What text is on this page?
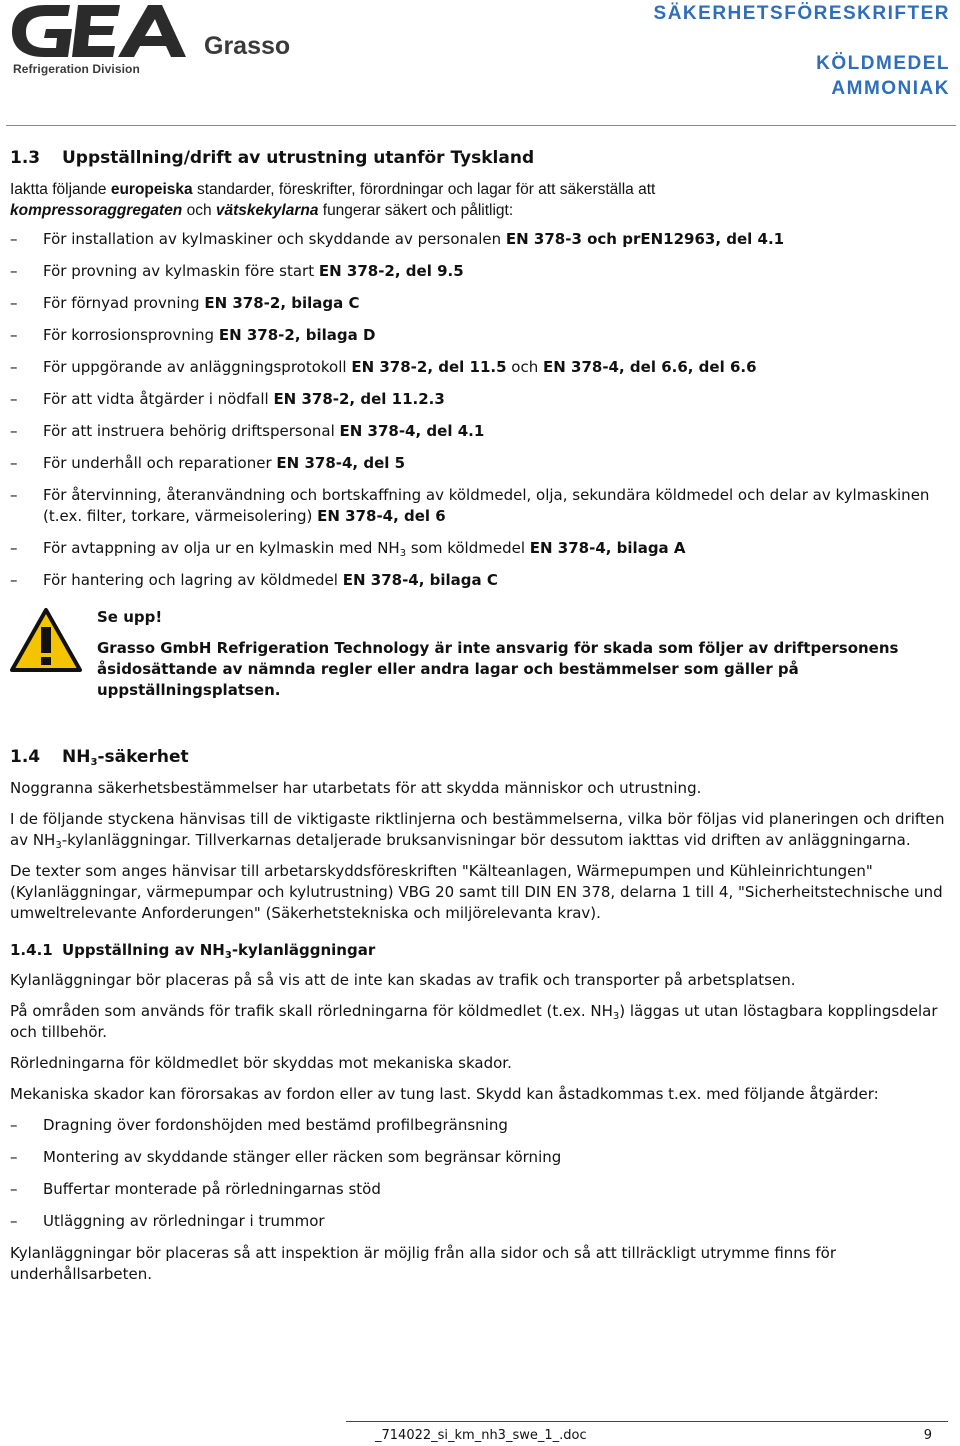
Grasso
Refrigeration Division
SÄKERHETSFÖRESKRIFTER
KÖLDMEDEL
AMMONIAK
1.3 Uppställning/drift av utrustning utanför Tyskland

Iaktta följande europeiska standarder, föreskrifter, förordningar och lagar för att säkerställa att
kompressoraggregaten och vätskekylarna fungerar säkert och pålitligt:

– För installation av kylmaskiner och skyddande av personalen EN 378-3 och prEN12963, del 4.1
– För provning av kylmaskin före start EN 378-2, del 9.5
– För förnyad provning EN 378-2, bilaga C
– För korrosionsprovning EN 378-2, bilaga D
– För uppgörande av anläggningsprotokoll EN 378-2, del 11.5 och EN 378-4, del 6.6, del 6.6
– För att vidta åtgärder i nödfall EN 378-2, del 11.2.3
– För att instruera behörig driftspersonal EN 378-4, del 4.1
– För underhåll och reparationer EN 378-4, del 5
– För återvinning, återanvändning och bortskaffning av köldmedel, olja, sekundära köldmedel och delar av kylmaskinen (t.ex. filter, torkare, värmeisolering) EN 378-4, del 6
– För avtappning av olja ur en kylmaskin med $NH_3$ som köldmedel EN 378-4, bilaga A
– För hantering och lagring av köldmedel EN 378-4, bilaga C
Se upp!
Grasso GmbH Refrigeration Technology är inte ansvarig för skada som följer av driftpersonens åsidosättande av nämnda regler eller andra lagar och bestämmelser som gäller på uppställningsplatsen.
1.4 $NH_3$-säkerhet

Noggranna säkerhetsbestämmelser har utarbetats för att skydda människor och utrustning.

I de följande styckena hänvisas till de viktigaste riktlinjerna och bestämmelserna, vilka bör följas vid planeringen och driften av $NH_3$-kylanläggningar. Tillverkarnas detaljerade bruksanvisningar bör dessutom iakttas vid driften av anläggningarna.

De texter som anges hänvisar till arbetarskyddsföreskriften "Kälteanlagen, Wärmepumpen und Kühleinrichtungen" (Kylanläggningar, värmepumpar och kylutrustning) VBG 20 samt till DIN EN 378, delarna 1 till 4, "Sicherheitstechnische und umweltrelevante Anforderungen" (Säkerhetstekniska och miljörelevanta krav).

1.4.1 Uppställning av $NH_3$-kylanläggningar

Kylanläggningar bör placeras på så vis att de inte kan skadas av trafik och transporter på arbetsplatsen.

På områden som används för trafik skall rörledningarna för köldmedlet (t.ex. $NH_3$) läggas ut utan löstagbara kopplingsdelar och tillbehör.

Rörledningarna för köldmedlet bör skyddas mot mekaniska skador.

Mekaniska skador kan förorsakas av fordon eller av tung last. Skydd kan åstadkommas t.ex. med följande åtgärder:

– Dragning över fordonshöjden med bestämd profilbegränsning
– Montering av skyddande stänger eller räcken som begränsar körning
– Buffertar monterade på rörledningarnas stöd
– Utläggning av rörledningar i trummor

Kylanläggningar bör placeras så att inspektion är möjlig från alla sidor och så att tillräckligt utrymme finns för underhållsarbeten.

_714022_si_km_nh3_swe_1_.doc	9
